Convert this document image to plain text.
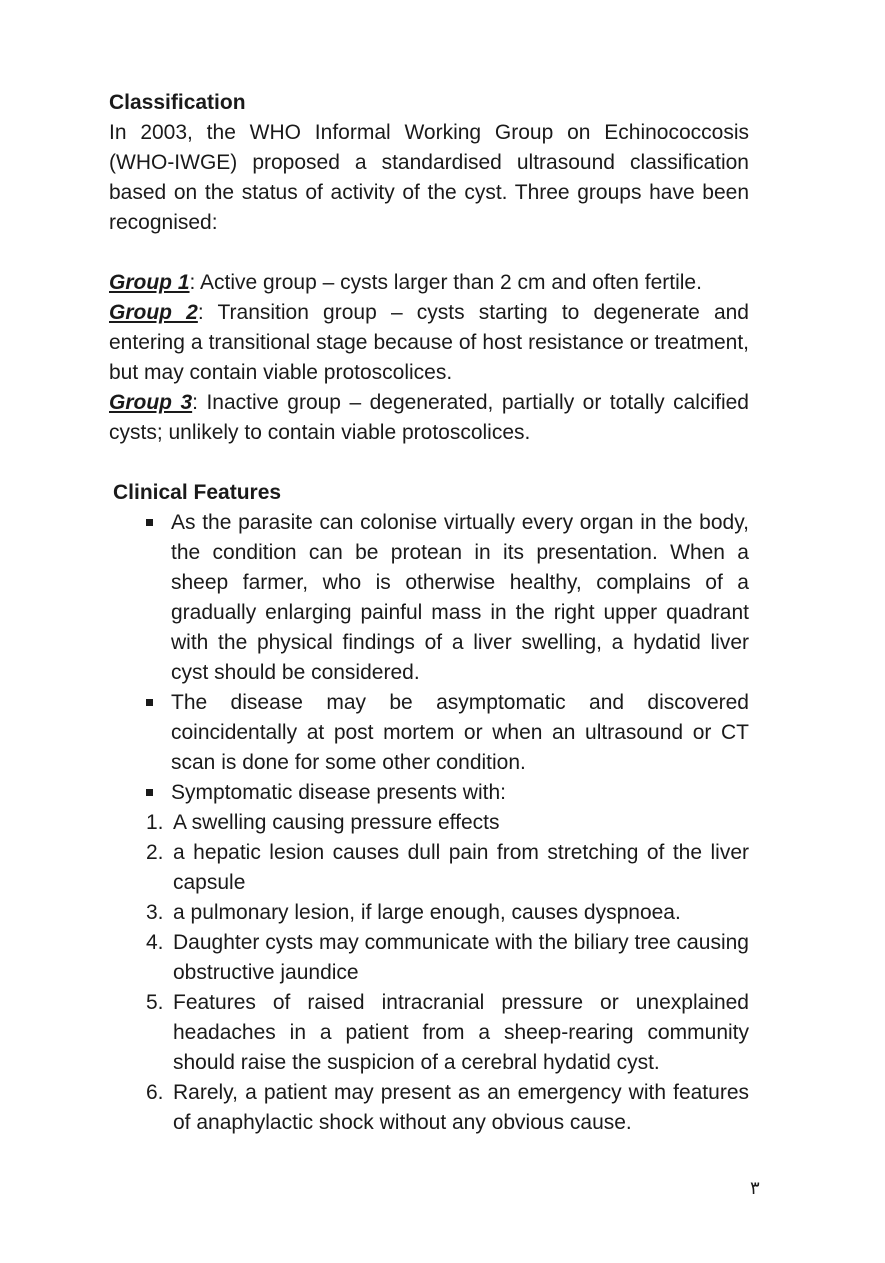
Classification

In 2003, the WHO Informal Working Group on Echinococcosis (WHO-IWGE) proposed a standardised ultrasound classification based on the status of activity of the cyst. Three groups have been recognised:

Group 1: Active group – cysts larger than 2 cm and often fertile.

Group 2: Transition group – cysts starting to degenerate and entering a transitional stage because of host resistance or treatment, but may contain viable protoscolices.

Group 3: Inactive group – degenerated, partially or totally calcified cysts; unlikely to contain viable protoscolices.

Clinical Features
As the parasite can colonise virtually every organ in the body, the condition can be protean in its presentation. When a sheep farmer, who is otherwise healthy, complains of a gradually enlarging painful mass in the right upper quadrant with the physical findings of a liver swelling, a hydatid liver cyst should be considered.
The disease may be asymptomatic and discovered coincidentally at post mortem or when an ultrasound or CT scan is done for some other condition.
Symptomatic disease presents with:
1. A swelling causing pressure effects
2. a hepatic lesion causes dull pain from stretching of the liver capsule
3. a pulmonary lesion, if large enough, causes dyspnoea.
4. Daughter cysts may communicate with the biliary tree causing obstructive jaundice
5. Features of raised intracranial pressure or unexplained headaches in a patient from a sheep-rearing community should raise the suspicion of a cerebral hydatid cyst.
6. Rarely, a patient may present as an emergency with features of anaphylactic shock without any obvious cause.
٣
